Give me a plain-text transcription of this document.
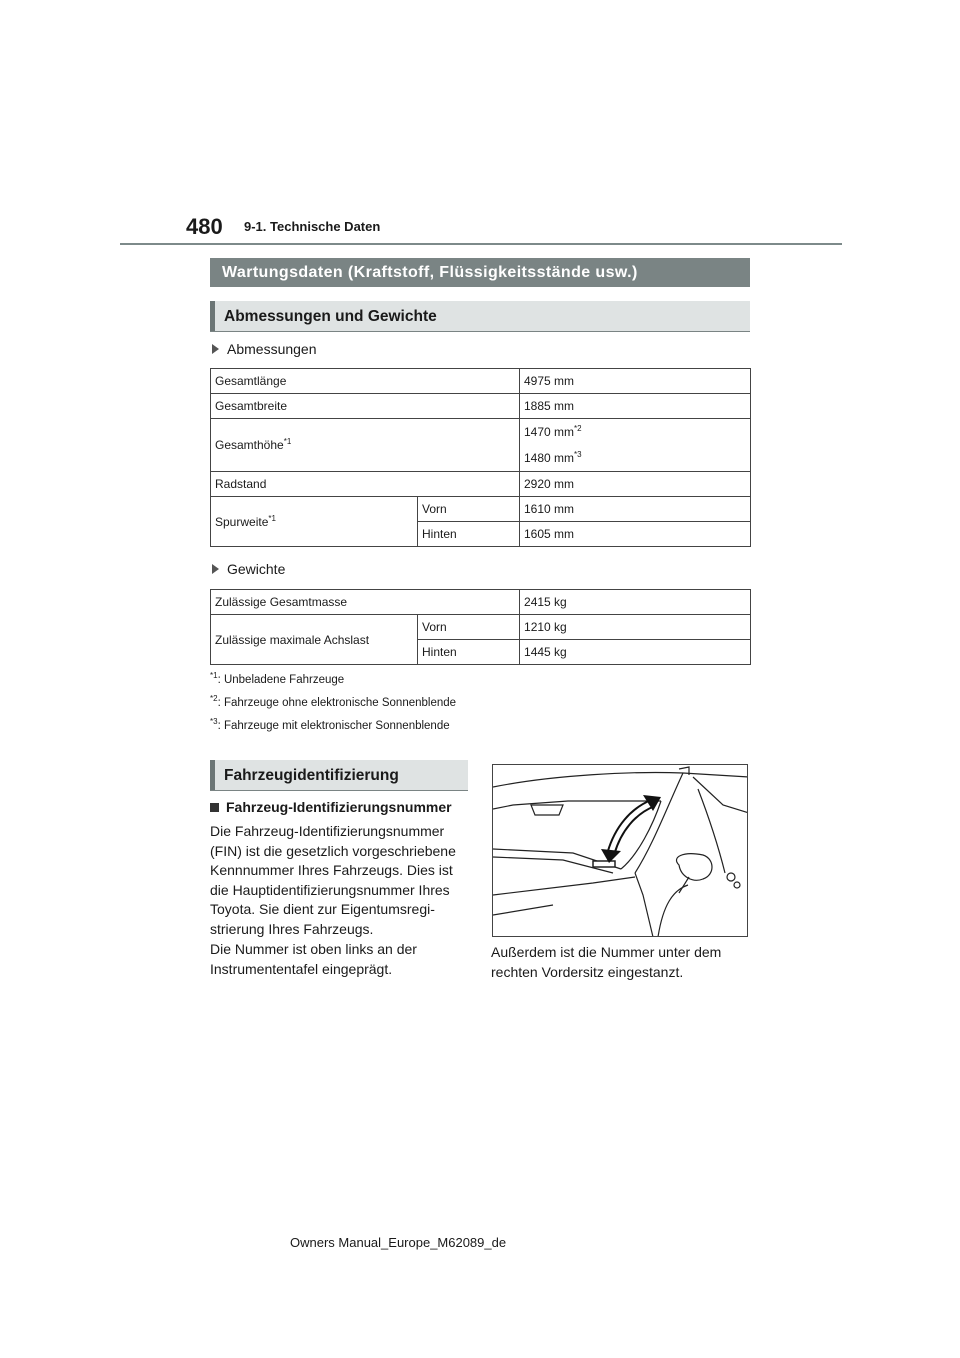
480 9-1. Technische Daten
Wartungsdaten (Kraftstoff, Flüssigkeitsstände usw.)
Abmessungen und Gewichte
Abmessungen
Gesamtlänge		4975 mm
Gesamtbreite		1885 mm
Gesamthöhe$^{*1}$		1470 $mm^{*2}$
1480 $mm^{*3}$

Radstand		2920 mm
Spurweite$^{*1}$	Vorn	1610 mm
	Hinten	1605 mm
Gewichte
Zulässige Gesamtmasse		2415 kg
Zulässige maximale Achslast	Vorn	1210 kg
	Hinten	1445 kg
$^{*1}$: Unbeladene Fahrzeuge
$^{*2}$: Fahrzeuge ohne elektronische Sonnenblende
$^{*3}$: Fahrzeuge mit elektronischer Sonnenblende
Fahrzeugidentifizierung
Fahrzeug-Identifizierungsnummer
Die Fahrzeug-Identifizierungsnummer (FIN) ist die gesetzlich vorgeschriebene Kennnummer Ihres Fahrzeugs. Dies ist die Hauptidentifizierungsnummer Ihres Toyota. Sie dient zur Eigentumsregi-strierung Ihres Fahrzeugs.
Die Nummer ist oben links an der Instrumententafel eingeprägt.
Außerdem ist die Nummer unter dem rechten Vordersitz eingestanzt.
Owners Manual_Europe_M62089_de
